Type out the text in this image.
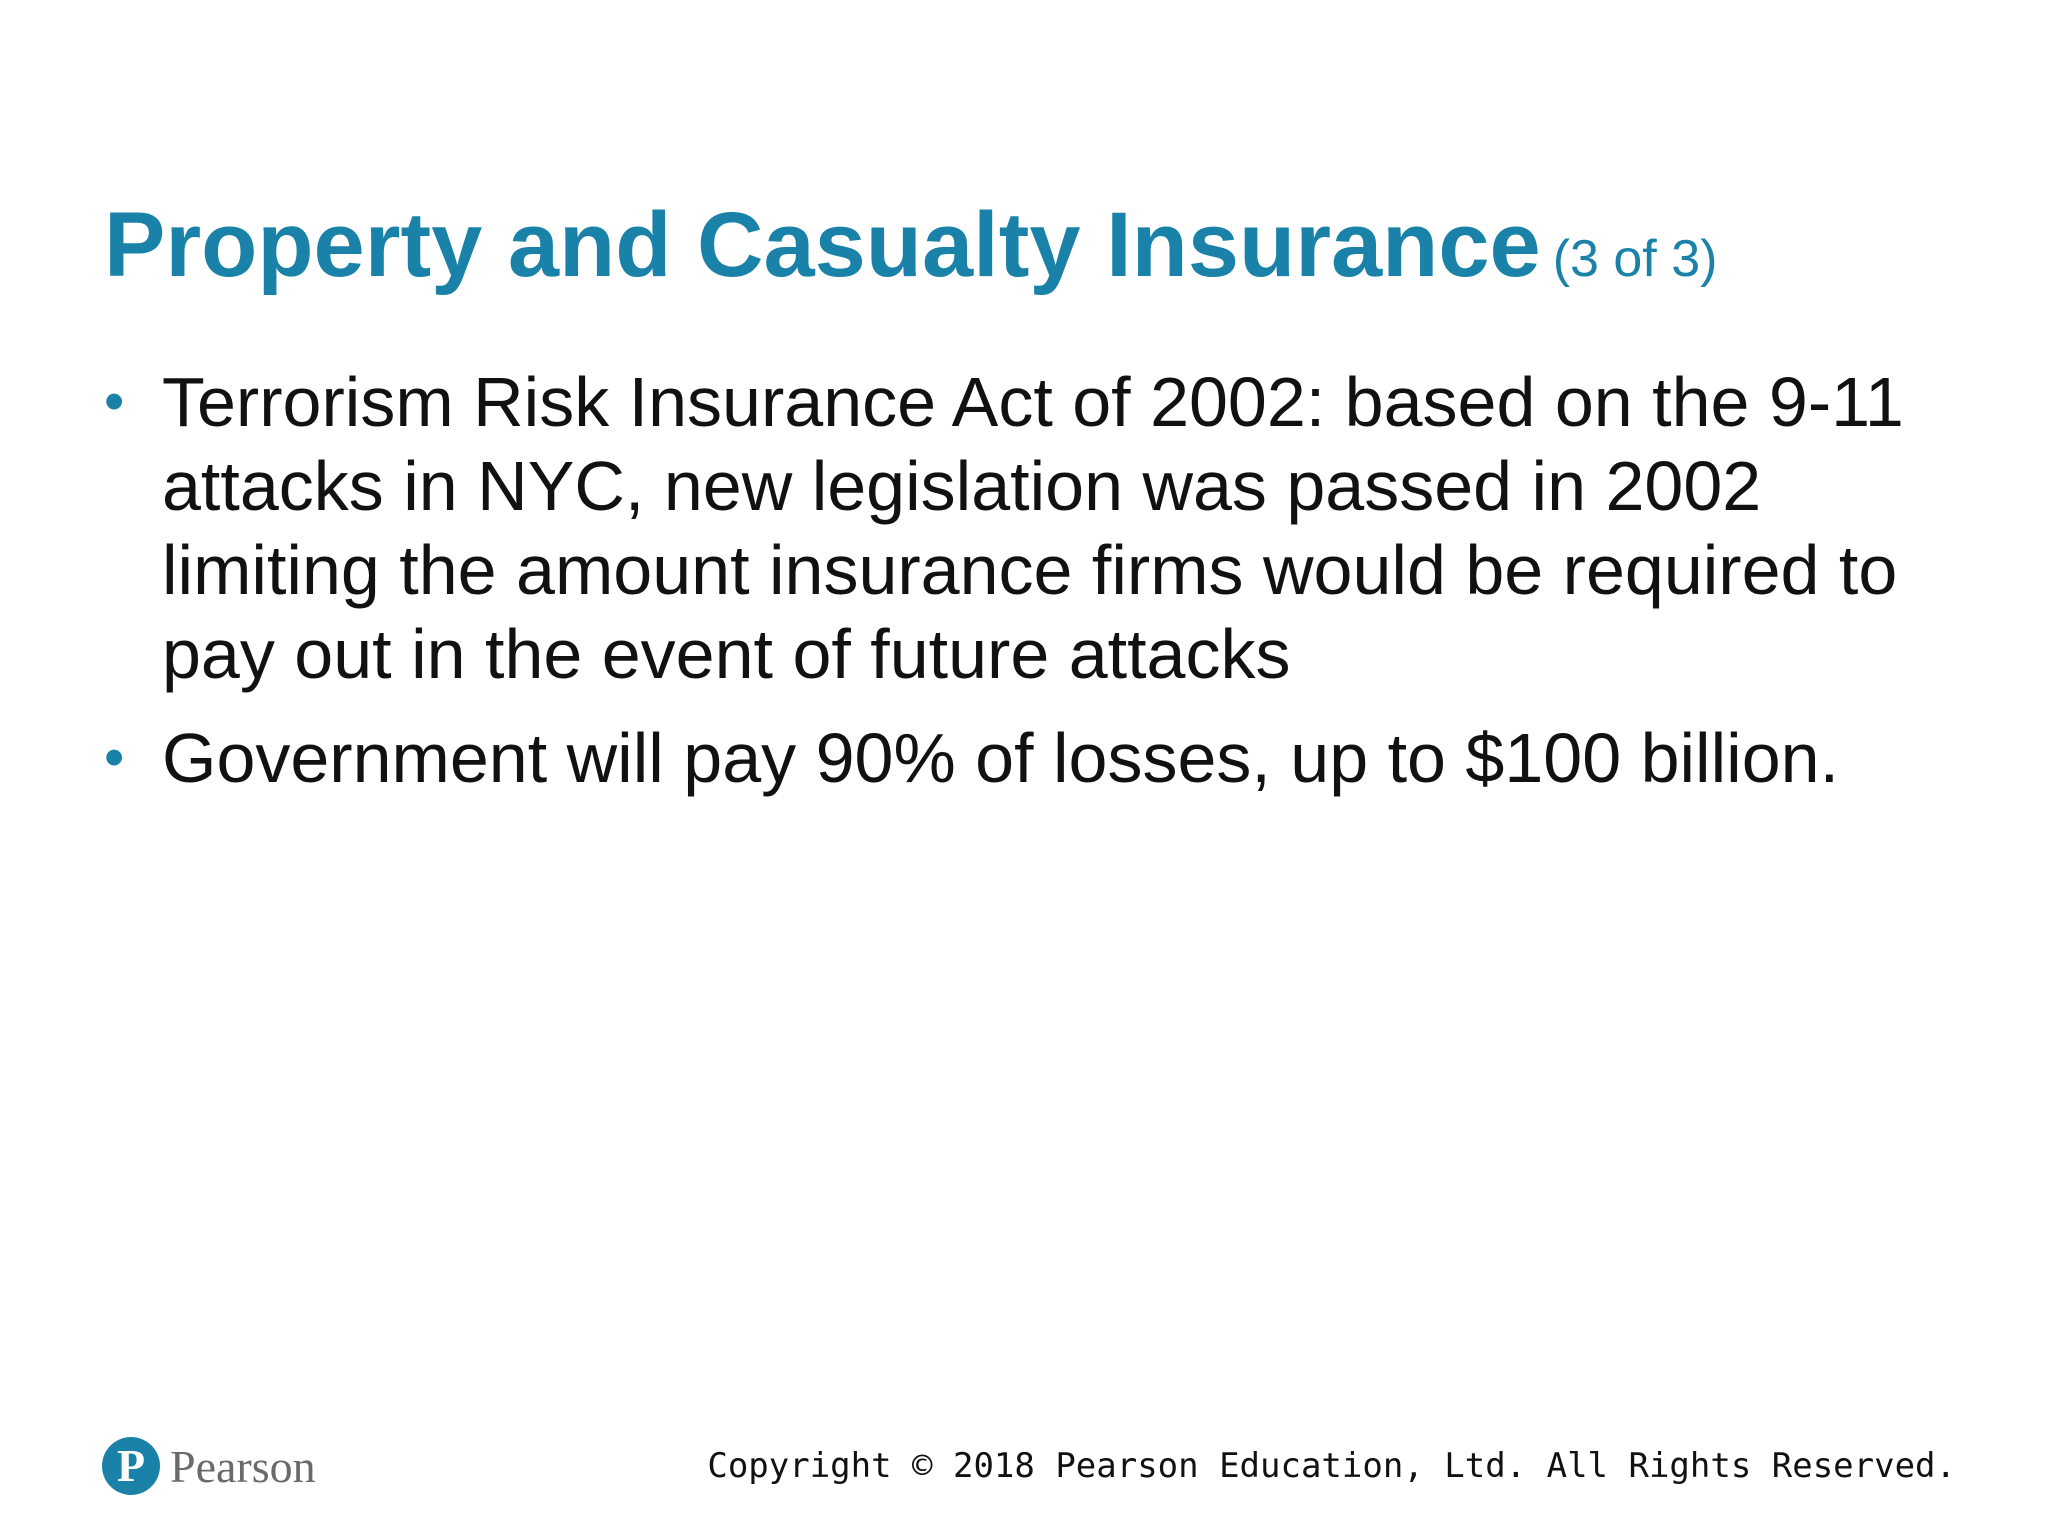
Property and Casualty Insurance (3 of 3)
• Terrorism Risk Insurance Act of 2002: based on the 9-11 attacks in NYC, new legislation was passed in 2002 limiting the amount insurance firms would be required to pay out in the event of future attacks
• Government will pay 90% of losses, up to $100 billion.
P Pearson	Copyright © 2018 Pearson Education, Ltd. All Rights Reserved.
